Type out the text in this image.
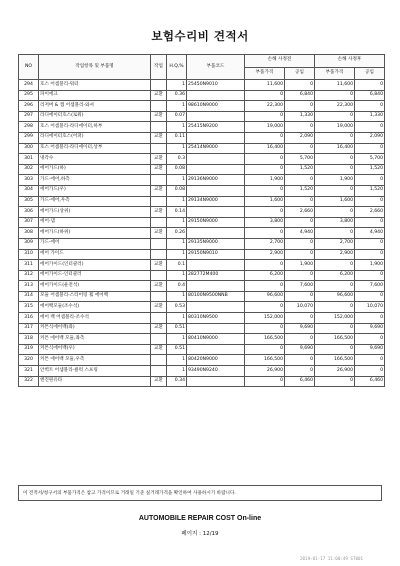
보험수리비 견적서
NO	작업항목 및 부품명	작업	H.Q,%	부품코드	손해 사정전		손해 사정후	
					부품가격	공임	부품가격	공임
294	호스 어셈블리-워터		1	25450N9010	11,600	0	11,600	0
295	파이에크	교환	0.36		0	6,840	0	6,840
296	리저버 & 캡 어셈블리-와셔		1	98610N9000	22,300	0	22,300	0
297	라디에이터호스(로워)	교환	0.07		0	1,330	0	1,330
298	호스 어셈블리-라디에이터,하부		1	25415N9200	19,000	0	19,000	0
299	라디에이터호스(어퍼)	교환	0.11		0	2,090	0	2,090
300	호스 어셈블리-라디에이터,상부		1	25414N9000	16,400	0	16,400	0
301	냉각수	교환	0.3		0	5,700	0	5,700
302	에어가드(하)	교환	0.08		0	1,520	0	1,520
303	가드-에어,하측		1	29136N9000	1,900	0	1,900	0
304	에어가드(우)	교환	0.08		0	1,520	0	1,520
305	가드-에어,우측		1	29134N9000	1,600	0	1,600	0
306	에어가드(상위)	교환	0.14		0	2,660	0	2,660
307	에어-댐		1	29150N9000	3,800	0	3,800	0
308	에어가드(하위)	교환	0.26		0	4,940	0	4,940
309	가드-에어		1	29135N9000	2,700	0	2,700	0
310	에어 가이드		1	29150N9010	2,900	0	2,900	0
311	에어가이드(인터쿨러)	교환	0.1		0	1,900	0	1,900
312	에어가이드-인터쿨러		1	282772M400	6,200	0	6,200	0
313	에어가이드(운전석)	교환	0.4		0	7,600	0	7,600
314	모듈 어셈블리-스티어링 휠 에어백		1	80100N9500NNB	96,600	0	96,600	0
315	에어백모듈(조수석)	교환	0.53		0	10,070	0	10,070
316	에어 백 어셈블리-조수석		1	80310N9500	152,000	0	152,000	0
317	커튼식에어백(좌)	교환	0.51		0	9,690	0	9,690
318	커튼 에어백 모듈,좌측		1	80410N9000	166,500	0	166,500	0
319	커튼식에어백(우)	교환	0.51		0	9,690	0	9,690
320	커튼 에어백 모듈,우측		1	80420N9000	166,500	0	166,500	0
321	안벽트 어셈블리-클럭 스프링		1	93490N9240	26,900	0	26,900	0
322	엔진원유타	교환	0.34		0	6,460	0	6,460
이 견적서/청구서의 부품가격은 참고 가격이므로 거래일 기준 실거래가격을 확인하여 사용하시기 바랍니다.
AUTOMOBILE REPAIR COST On-line
페이지 : 12/19
2019-01-17 11:00:49 ST001
